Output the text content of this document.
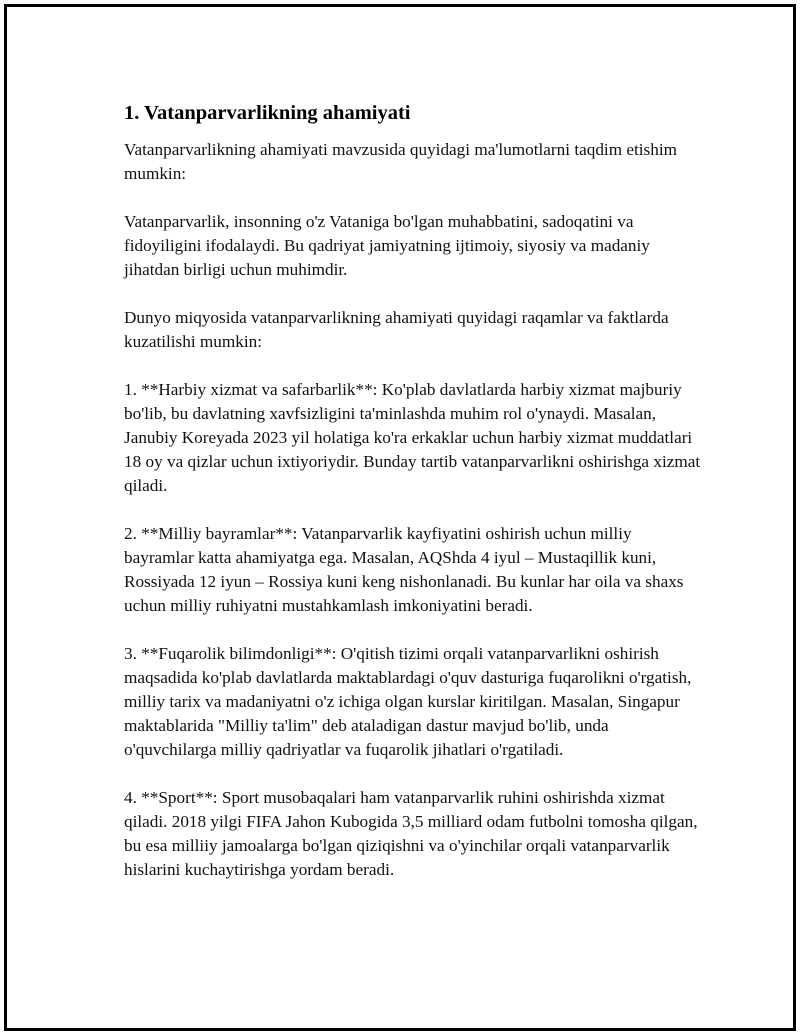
1. Vatanparvarlikning ahamiyati

Vatanparvarlikning ahamiyati mavzusida quyidagi ma'lumotlarni taqdim etishim mumkin:

Vatanparvarlik, insonning o'z Vataniga bo'lgan muhabbatini, sadoqatini va fidoyiligini ifodalaydi. Bu qadriyat jamiyatning ijtimoiy, siyosiy va madaniy jihatdan birligi uchun muhimdir.

Dunyo miqyosida vatanparvarlikning ahamiyati quyidagi raqamlar va faktlarda kuzatilishi mumkin:

1. **Harbiy xizmat va safarbarlik**: Ko'plab davlatlarda harbiy xizmat majburiy bo'lib, bu davlatning xavfsizligini ta'minlashda muhim rol o'ynaydi. Masalan, Janubiy Koreyada 2023 yil holatiga ko'ra erkaklar uchun harbiy xizmat muddatlari 18 oy va qizlar uchun ixtiyoriydir. Bunday tartib vatanparvarlikni oshirishga xizmat qiladi.

2. **Milliy bayramlar**: Vatanparvarlik kayfiyatini oshirish uchun milliy bayramlar katta ahamiyatga ega. Masalan, AQShda 4 iyul – Mustaqillik kuni, Rossiyada 12 iyun – Rossiya kuni keng nishonlanadi. Bu kunlar har oila va shaxs uchun milliy ruhiyatni mustahkamlash imkoniyatini beradi.

3. **Fuqarolik bilimdonligi**: O'qitish tizimi orqali vatanparvarlikni oshirish maqsadida ko'plab davlatlarda maktablardagi o'quv dasturiga fuqarolikni o'rgatish, milliy tarix va madaniyatni o'z ichiga olgan kurslar kiritilgan. Masalan, Singapur maktablarida "Milliy ta'lim" deb ataladigan dastur mavjud bo'lib, unda o'quvchilarga milliy qadriyatlar va fuqarolik jihatlari o'rgatiladi.

4. **Sport**: Sport musobaqalari ham vatanparvarlik ruhini oshirishda xizmat qiladi. 2018 yilgi FIFA Jahon Kubogida 3,5 milliard odam futbolni tomosha qilgan, bu esa milliiy jamoalarga bo'lgan qiziqishni va o'yinchilar orqali vatanparvarlik hislarini kuchaytirishga yordam beradi.
